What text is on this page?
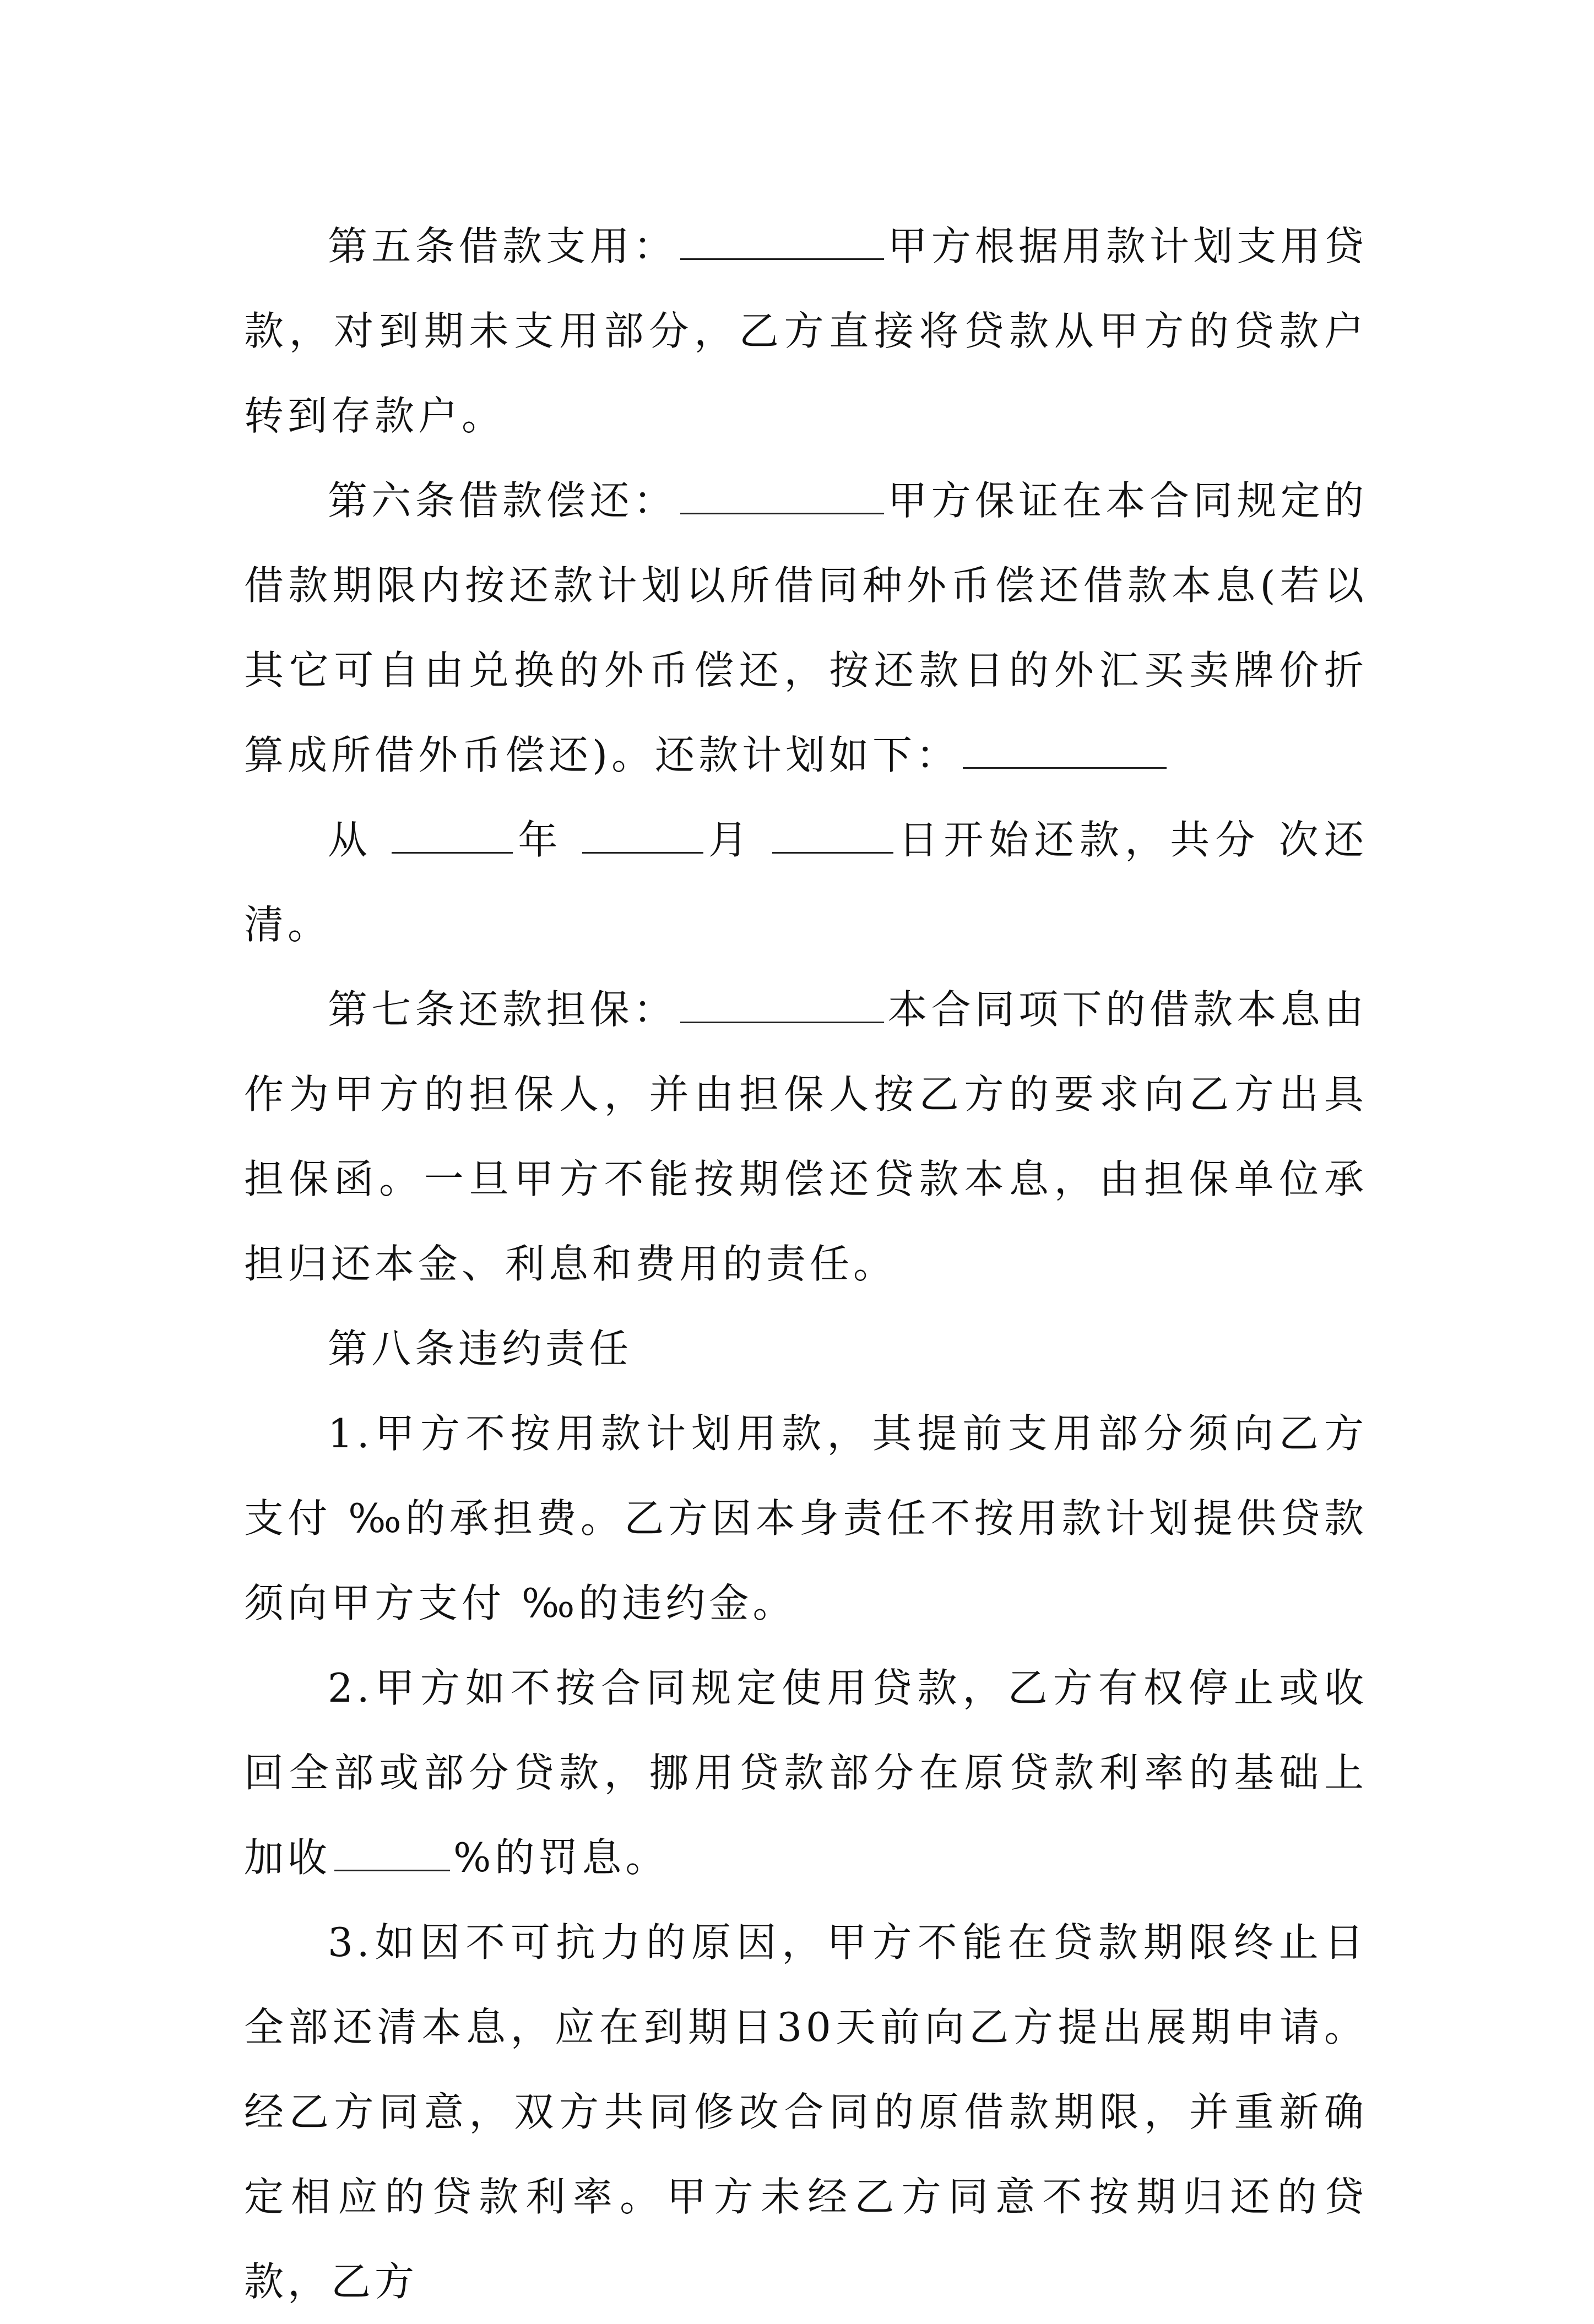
第五条借款支用：	甲方根据用款计划支用贷款，对到期未支用部分，乙方直接将贷款从甲方的贷款户转到存款户。

第六条借款偿还：	甲方保证在本合同规定的借款期限内按还款计划以所借同种外币偿还借款本息(若以其它可自由兑换的外币偿还，按还款日的外汇买卖牌价折算成所借外币偿还)。还款计划如下：

从	年	月	日开始还款，共分 次还清。

第七条还款担保：	本合同项下的借款本息由作为甲方的担保人，并由担保人按乙方的要求向乙方出具担保函。一旦甲方不能按期偿还贷款本息，由担保单位承担归还本金、利息和费用的责任。

第八条违约责任

1.甲方不按用款计划用款，其提前支用部分须向乙方支付 ‰的承担费。乙方因本身责任不按用款计划提供贷款须向甲方支付 ‰的违约金。

2.甲方如不按合同规定使用贷款，乙方有权停止或收回全部或部分贷款，挪用贷款部分在原贷款利率的基础上加收	%的罚息。

3.如因不可抗力的原因，甲方不能在贷款期限终止日全部还清本息，应在到期日30天前向乙方提出展期申请。经乙方同意，双方共同修改合同的原借款期限，并重新确定相应的贷款利率。甲方未经乙方同意不按期归还的贷款，乙方
